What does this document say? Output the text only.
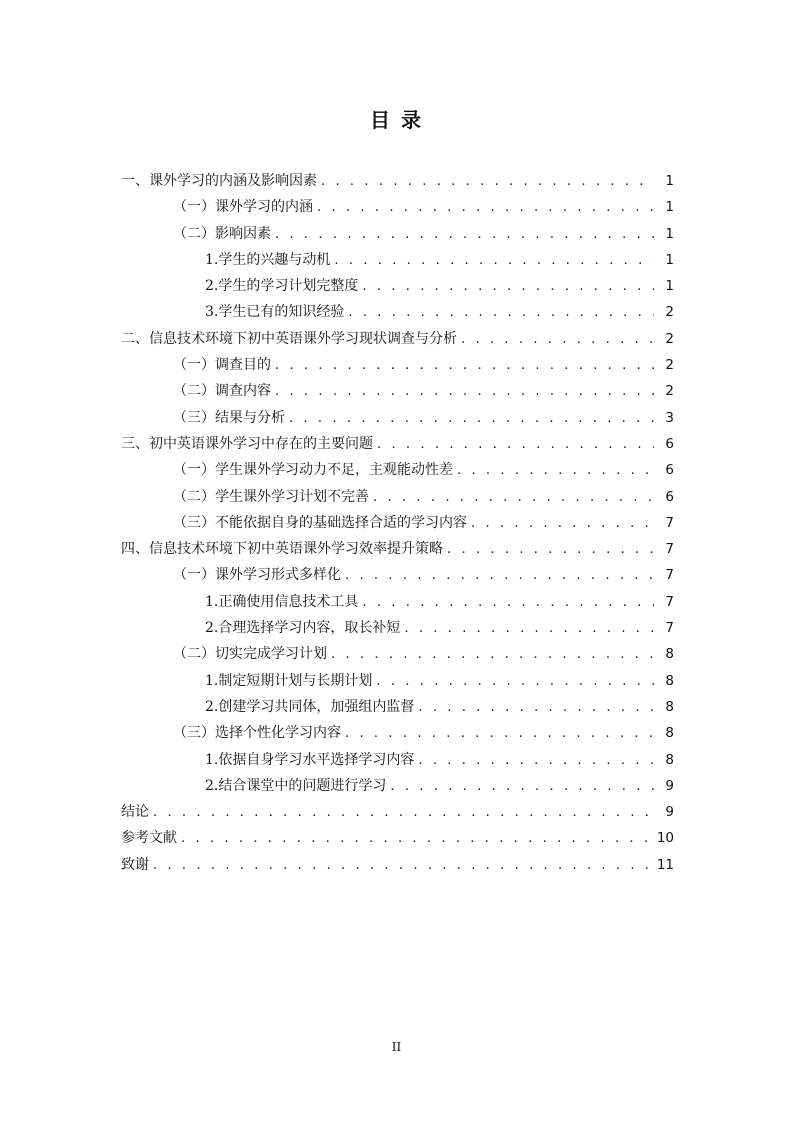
目 录
一、课外学习的内涵及影响因素 . . .	1
（一）课外学习的内涵 . . .	1
（二）影响因素 . . .	1
1.学生的兴趣与动机 . . .	1
2.学生的学习计划完整度 . . .	1
3.学生已有的知识经验 . . .	2
二、信息技术环境下初中英语课外学习现状调查与分析 . . .	2
（一）调查目的 . . .	2
（二）调查内容 . . .	2
（三）结果与分析 . . .	3
三、初中英语课外学习中存在的主要问题 . . .	6
（一）学生课外学习动力不足，主观能动性差 . . .	6
（二）学生课外学习计划不完善 . . .	6
（三）不能依据自身的基础选择合适的学习内容 . . .	7
四、信息技术环境下初中英语课外学习效率提升策略 . . .	7
（一）课外学习形式多样化 . . .	7
1.正确使用信息技术工具 . . .	7
2.合理选择学习内容，取长补短 . . .	7
（二）切实完成学习计划 . . .	8
1.制定短期计划与长期计划 . . .	8
2.创建学习共同体，加强组内监督 . . .	8
（三）选择个性化学习内容 . . .	8
1.依据自身学习水平选择学习内容 . . .	8
2.结合课堂中的问题进行学习 . . .	9
结论 . . .	9
参考文献 . . .	10
致谢 . . .	11
II
